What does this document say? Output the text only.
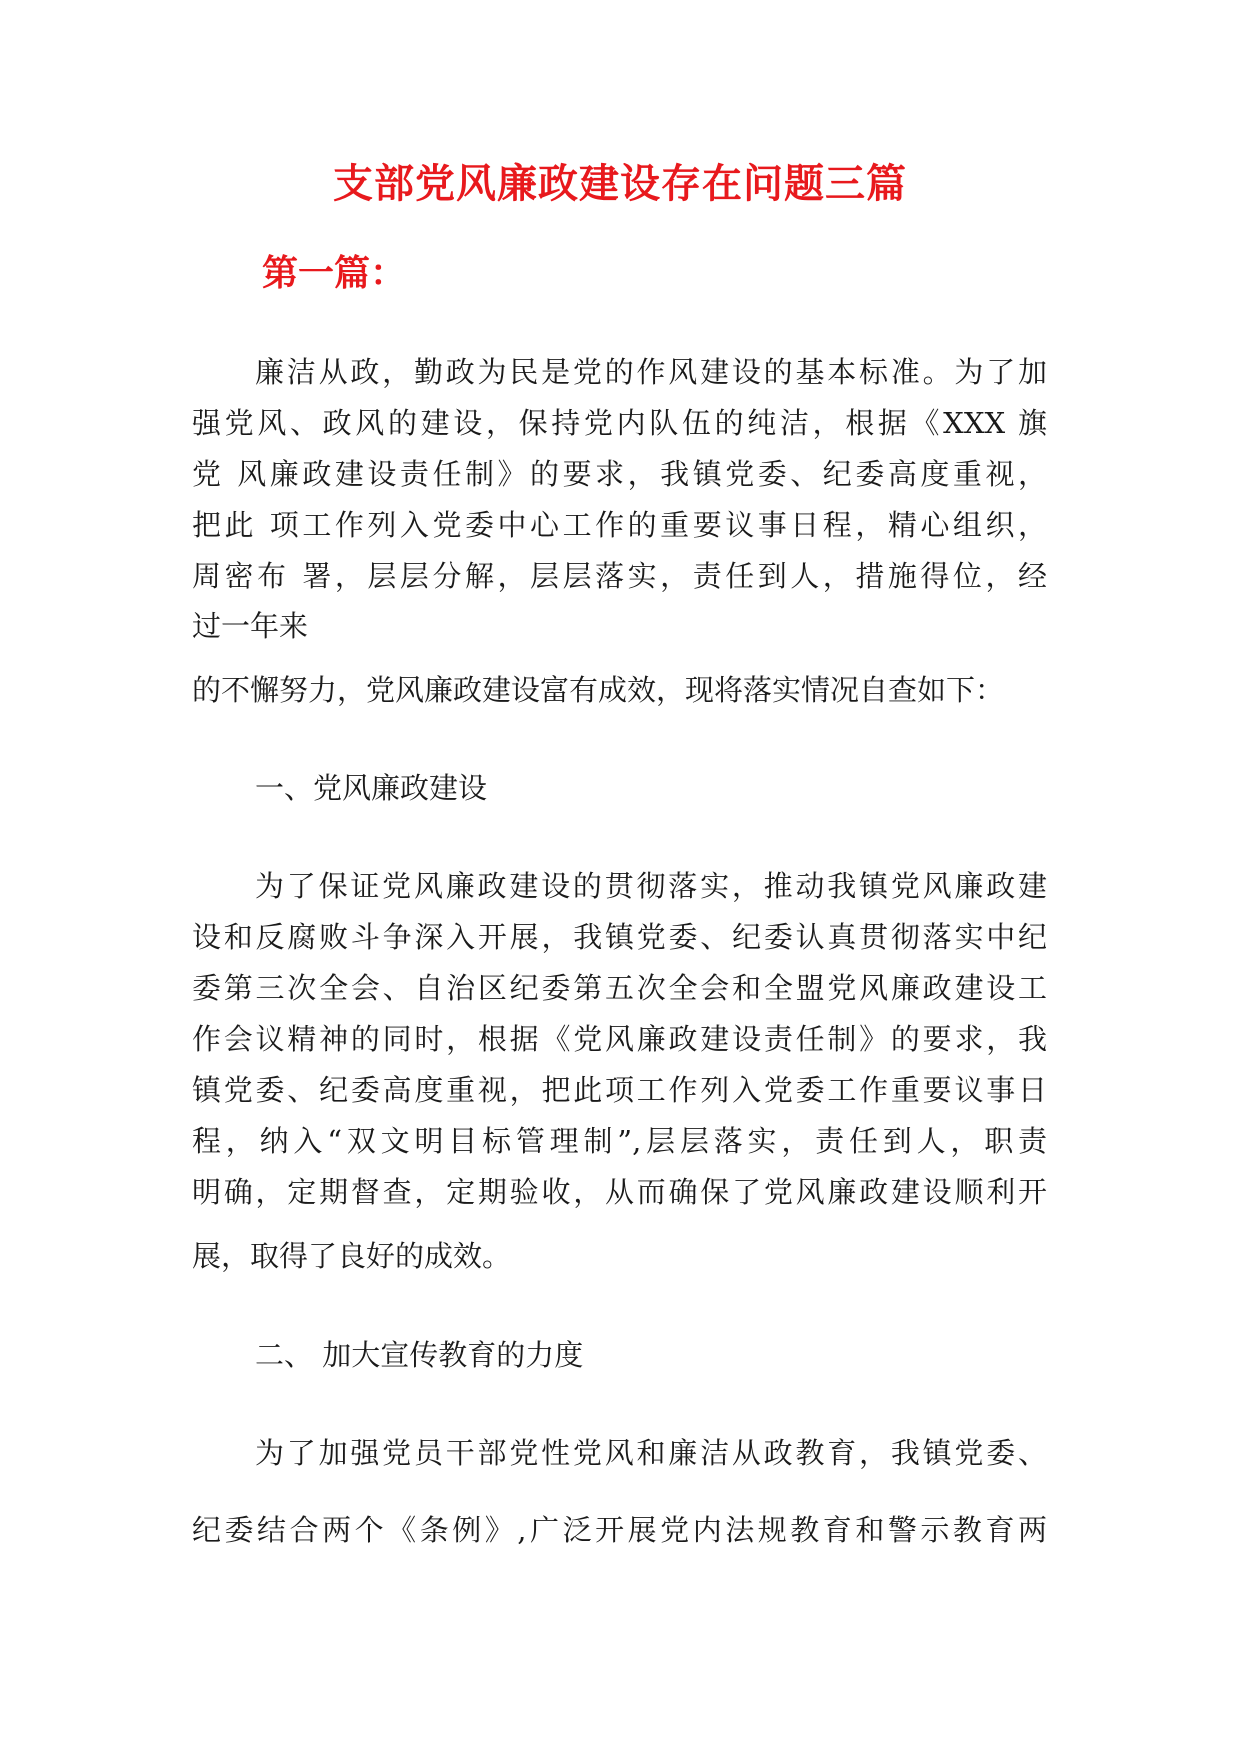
支部党风廉政建设存在问题三篇
第一篇：

廉洁从政，勤政为民是党的作风建设的基本标准。为了加

强党风、政风的建设，保持党内队伍的纯洁，根据《XXX 旗

党 风廉政建设责任制》的要求，我镇党委、纪委高度重视，

把此 项工作列入党委中心工作的重要议事日程，精心组织，

周密布 署，层层分解，层层落实，责任到人，措施得位，经

过一年来

的不懈努力，党风廉政建设富有成效，现将落实情况自查如下：

一、党风廉政建设

为了保证党风廉政建设的贯彻落实，推动我镇党风廉政建

设和反腐败斗争深入开展，我镇党委、纪委认真贯彻落实中纪

委第三次全会、自治区纪委第五次全会和全盟党风廉政建设工

作会议精神的同时，根据《党风廉政建设责任制》的要求，我

镇党委、纪委高度重视，把此项工作列入党委工作重要议事日

程，纳入“双文明目标管理制”,层层落实，责任到人，职责

明确，定期督查，定期验收，从而确保了党风廉政建设顺利开

展，取得了良好的成效。

二、 加大宣传教育的力度

为了加强党员干部党性党风和廉洁从政教育，我镇党委、

纪委结合两个《条例》,广泛开展党内法规教育和警示教育两
